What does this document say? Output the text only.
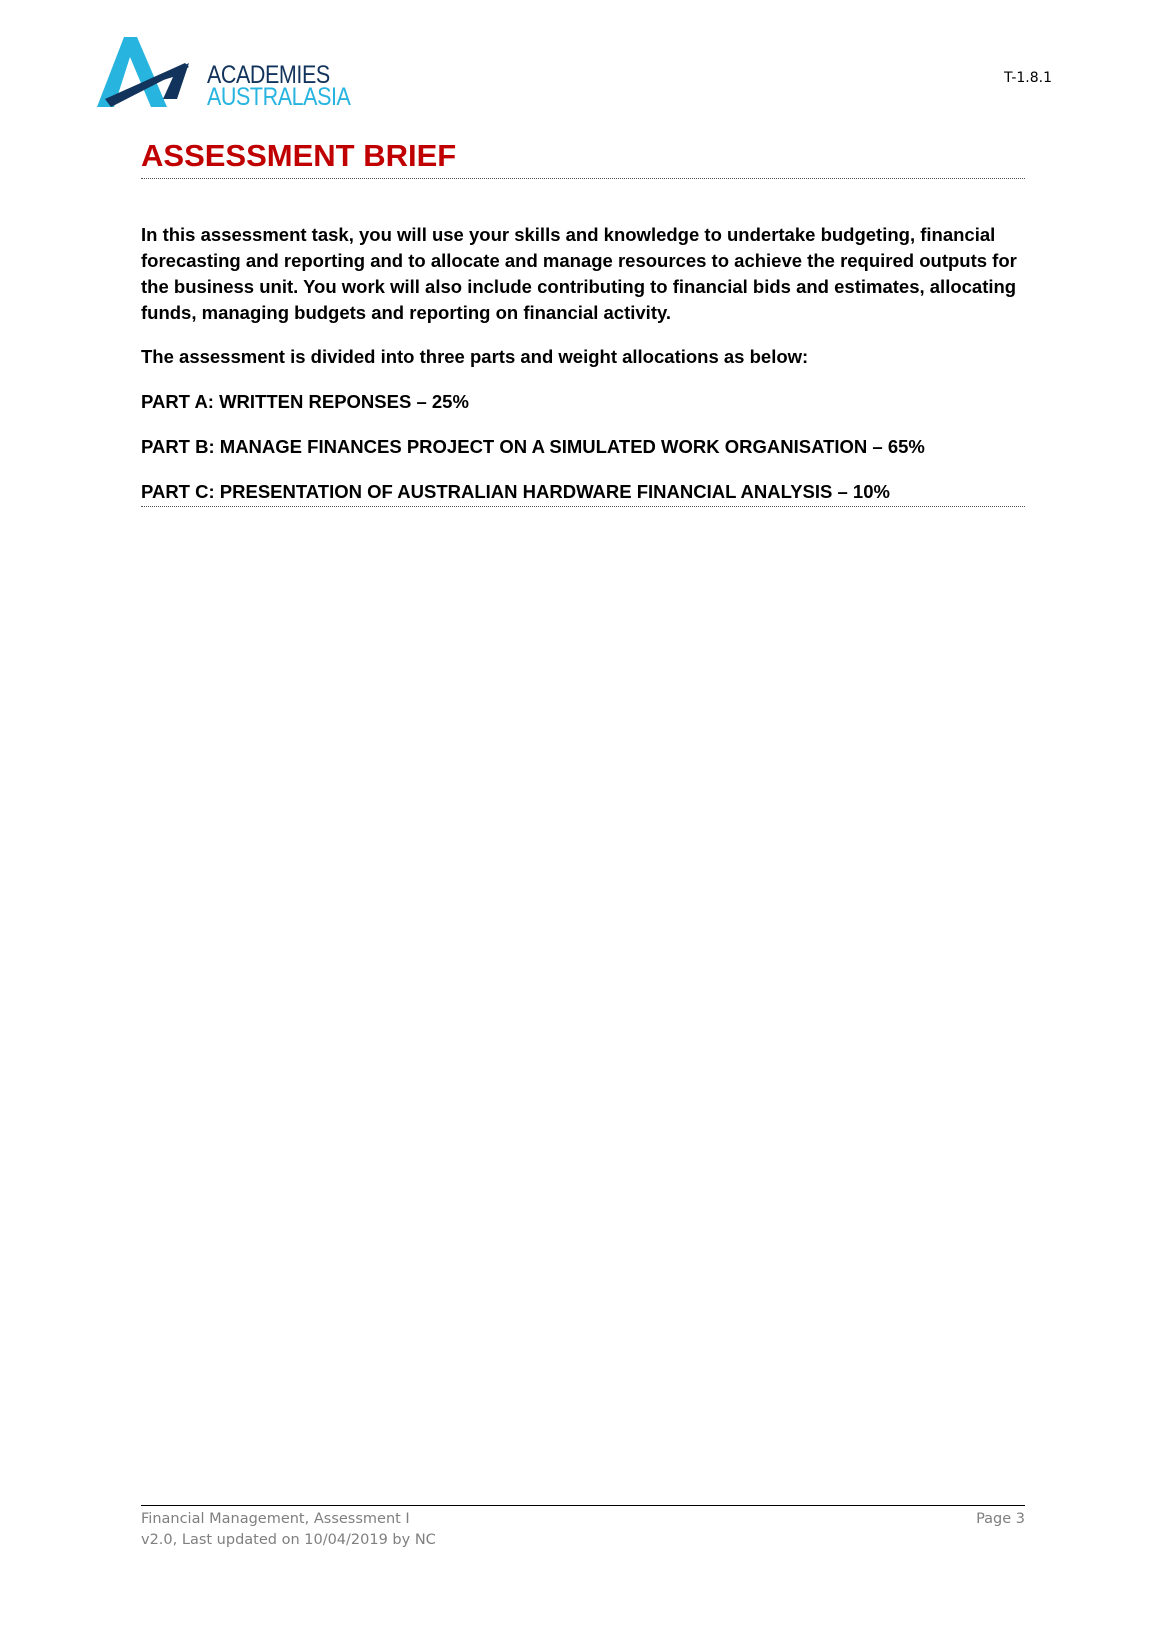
ACADEMIES
AUSTRALASIA
T-1.8.1
ASSESSMENT BRIEF

In this assessment task, you will use your skills and knowledge to undertake budgeting, financial forecasting and reporting and to allocate and manage resources to achieve the required outputs for the business unit. You work will also include contributing to financial bids and estimates, allocating funds, managing budgets and reporting on financial activity.

The assessment is divided into three parts and weight allocations as below:

PART A: WRITTEN REPONSES – 25%

PART B: MANAGE FINANCES PROJECT ON A SIMULATED WORK ORGANISATION – 65%

PART C: PRESENTATION OF AUSTRALIAN HARDWARE FINANCIAL ANALYSIS – 10%

Financial Management, Assessment I
v2.0, Last updated on 10/04/2019 by NC
Page 3
